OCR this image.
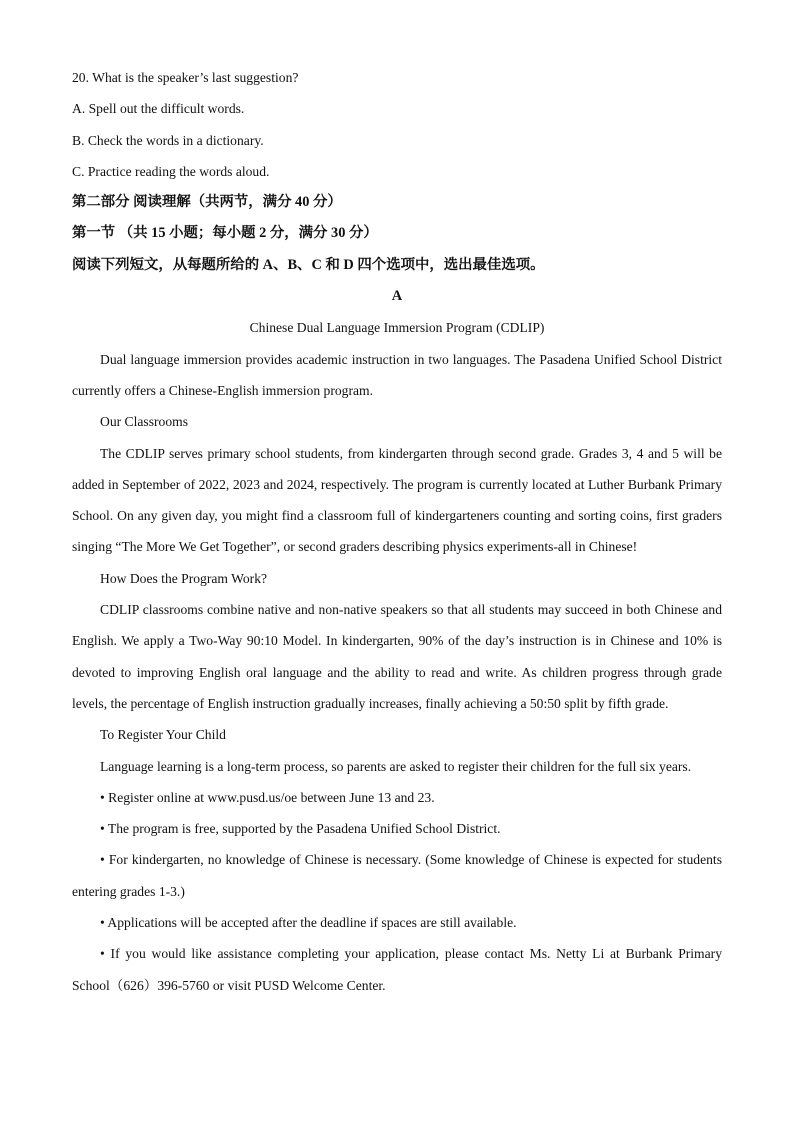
20. What is the speaker’s last suggestion?
A. Spell out the difficult words.
B. Check the words in a dictionary.
C. Practice reading the words aloud.
第二部分 阅读理解（共两节，满分 40 分）
第一节 （共 15 小题；每小题 2 分，满分 30 分）
阅读下列短文，从每题所给的 A、B、C 和 D 四个选项中，选出最佳选项。
A
Chinese Dual Language Immersion Program (CDLIP)
Dual language immersion provides academic instruction in two languages. The Pasadena Unified School District currently offers a Chinese-English immersion program.
Our Classrooms
The CDLIP serves primary school students, from kindergarten through second grade. Grades 3, 4 and 5 will be added in September of 2022, 2023 and 2024, respectively. The program is currently located at Luther Burbank Primary School. On any given day, you might find a classroom full of kindergarteners counting and sorting coins, first graders singing “The More We Get Together”, or second graders describing physics experiments-all in Chinese!
How Does the Program Work?
CDLIP classrooms combine native and non-native speakers so that all students may succeed in both Chinese and English. We apply a Two-Way 90:10 Model. In kindergarten, 90% of the day’s instruction is in Chinese and 10% is devoted to improving English oral language and the ability to read and write. As children progress through grade levels, the percentage of English instruction gradually increases, finally achieving a 50:50 split by fifth grade.
To Register Your Child
Language learning is a long-term process, so parents are asked to register their children for the full six years.
• Register online at www.pusd.us/oe between June 13 and 23.
• The program is free, supported by the Pasadena Unified School District.
• For kindergarten, no knowledge of Chinese is necessary. (Some knowledge of Chinese is expected for students entering grades 1-3.)
• Applications will be accepted after the deadline if spaces are still available.
• If you would like assistance completing your application, please contact Ms. Netty Li at Burbank Primary School（626）396-5760 or visit PUSD Welcome Center.
